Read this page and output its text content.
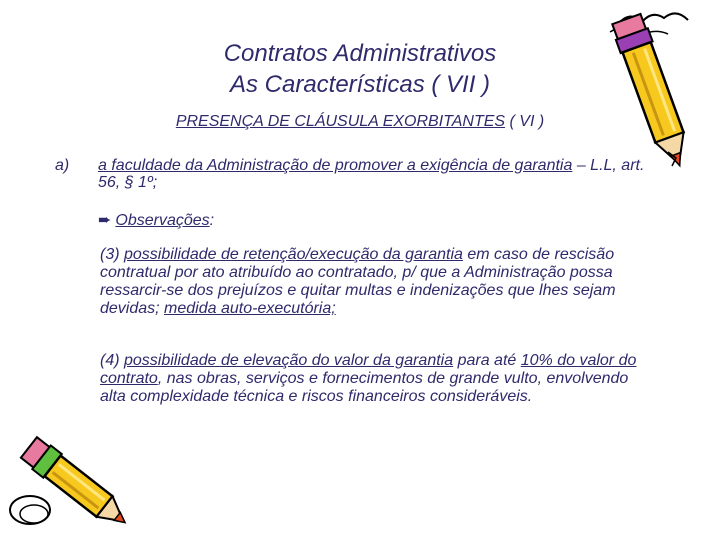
Contratos Administrativos
As Características ( VII )
PRESENÇA DE CLÁUSULA EXORBITANTES ( VI )
a) a faculdade da Administração de promover a exigência de garantia – L.L, art. 56, § 1º;
➨ Observações:
(3) possibilidade de retenção/execução da garantia em caso de rescisão contratual por ato atribuído ao contratado, p/ que a Administração possa ressarcir-se dos prejuízos e quitar multas e indenizações que lhes sejam devidas; medida auto-executória;
(4) possibilidade de elevação do valor da garantia para até 10% do valor do contrato, nas obras, serviços e fornecimentos de grande vulto, envolvendo alta complexidade técnica e riscos financeiros consideráveis.
